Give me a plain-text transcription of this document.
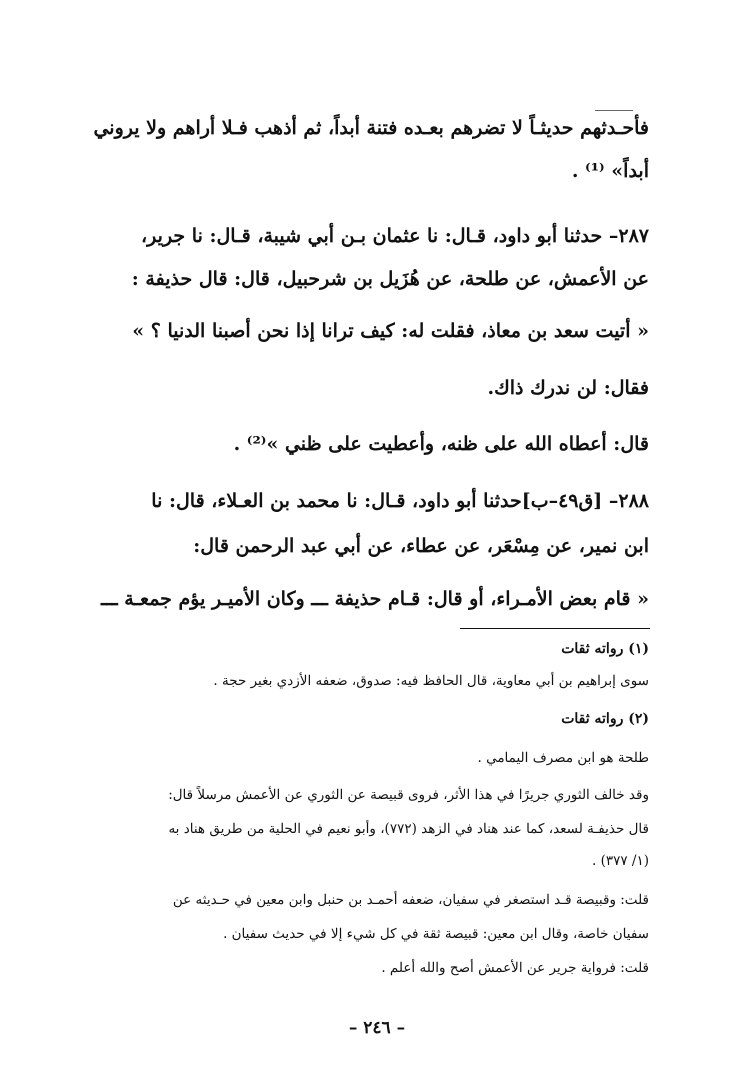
فأحـدثهم حديثـاً لا تضرهم بعـده فتنة أبداً، ثم أذهب فـلا أراهم ولا يروني
أبداً» ⁽¹⁾ .
٢٨٧– حدثنا أبو داود، قـال: نا عثمان بـن أبي شيبة، قـال: نا جرير،
عن الأعمش، عن طلحة، عن هُزَيل بن شرحبيل، قال: قال حذيفة :
« أتيت سعد بن معاذ، فقلت له: كيف ترانا إذا نحن أصبنا الدنيا ؟ »
فقال: لن ندرك ذاك.
قال: أعطاه الله على ظنه، وأعطيت على ظني »⁽²⁾ .
٢٨٨– [ق٤٩–ب]حدثنا أبو داود، قـال: نا محمد بن العـلاء، قال: نا
ابن نمير، عن مِسْعَر، عن عطاء، عن أبي عبد الرحمن قال:
« قام بعض الأمـراء، أو قال: قـام حذيفة ـــ وكان الأميـر يؤم جمعـة ـــ
(١) رواته ثقات
سوى إبراهيم بن أبي معاوية، قال الحافظ فيه: صدوق، ضعفه الأزدي بغير حجة .
(٢) رواته ثقات
طلحة هو ابن مصرف اليمامي .
وقد خالف الثوري جريرًا في هذا الأثر، فروى قبيصة عن الثوري عن الأعمش مرسلاً قال:
قال حذيفـة لسعد، كما عند هناد في الزهد (٧٧٢)، وأبو نعيم في الحلية من طريق هناد به
(١/ ٣٧٧) .
قلت: وقبيصة قـد استصغر في سفيان، ضعفه أحمـد بن حنبل وابن معين في حـديثه عن
سفيان خاصة، وقال ابن معين: قبيصة ثقة في كل شيء إلا في حديث سفيان .
قلت: فرواية جرير عن الأعمش أصح والله أعلم .
– ٢٤٦ –
